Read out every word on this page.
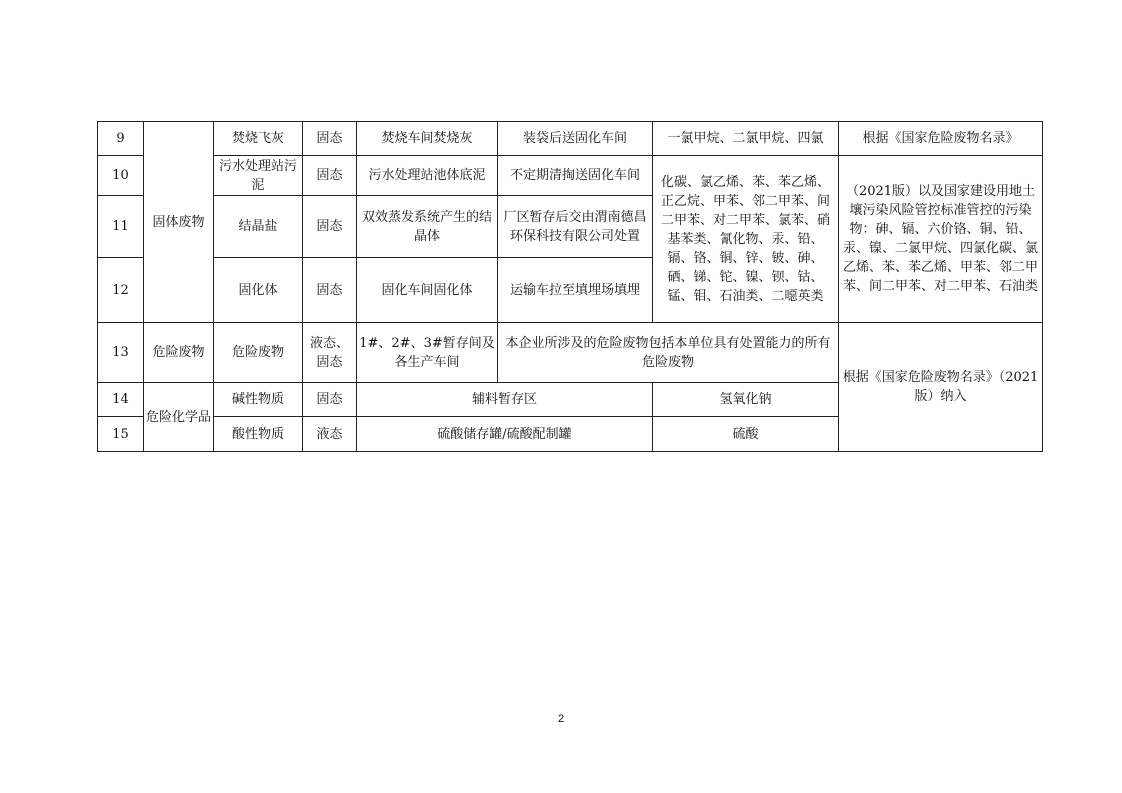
9	固体废物	焚烧飞灰	固态	焚烧车间焚烧灰	装袋后送固化车间	一氯甲烷、二氯甲烷、四氯	根据《国家危险废物名录》
10		污水处理站污泥	固态	污水处理站池体底泥	不定期清掏送固化车间	化碳、氯乙烯、苯、苯乙烯、正乙烷、甲苯、邻二甲苯、间二甲苯、对二甲苯、氯苯、硝基苯类、氰化物、汞、铅、镉、铬、铜、锌、铍、砷、硒、锑、铊、镍、钡、钴、锰、钼、石油类、二噁英类	（2021版）以及国家建设用地土壤污染风险管控标准管控的污染物：砷、镉、六价铬、铜、铅、汞、镍、二氯甲烷、四氯化碳、氯乙烯、苯、苯乙烯、甲苯、邻二甲苯、间二甲苯、对二甲苯、石油类
11		结晶盐	固态	双效蒸发系统产生的结晶体	厂区暂存后交由渭南德昌环保科技有限公司处置		
12		固化体	固态	固化车间固化体	运输车拉至填埋场填埋		
13	危险废物	危险废物	液态、固态	1#、2#、3#暂存间及各生产车间	本企业所涉及的危险废物包括本单位具有处置能力的所有危险废物		根据《国家危险废物名录》（2021版）纳入
14	危险化学品	碱性物质	固态	辅料暂存区		氢氧化钠	
15		酸性物质	液态	硫酸储存罐/硫酸配制罐		硫酸	
2
